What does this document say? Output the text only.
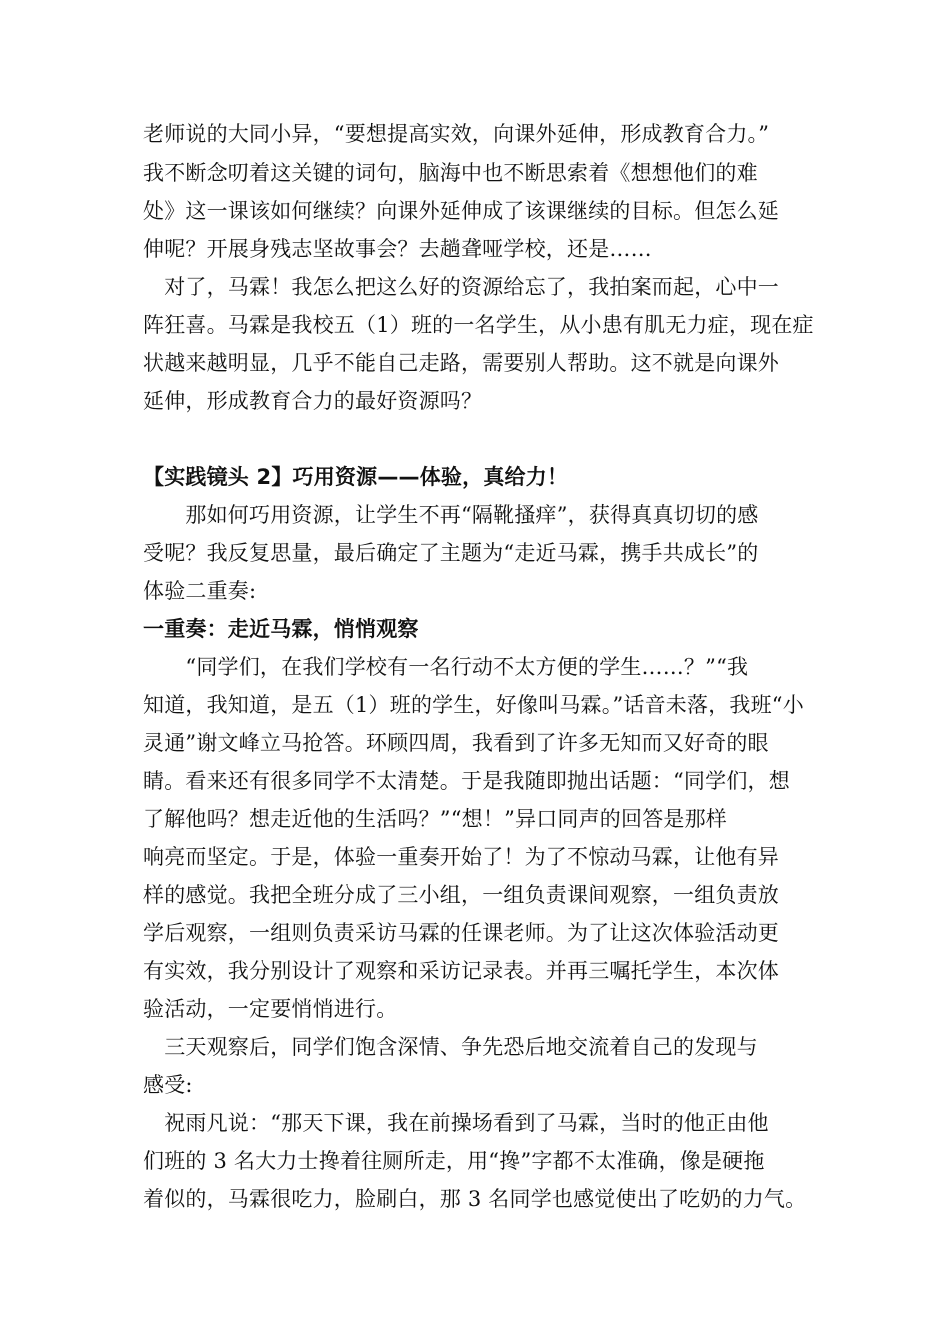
老师说的大同小异，“要想提高实效，向课外延伸，形成教育合力。”
我不断念叨着这关键的词句，脑海中也不断思索着《想想他们的难
处》这一课该如何继续？向课外延伸成了该课继续的目标。但怎么延
伸呢？开展身残志坚故事会？去趟聋哑学校，还是……
　对了，马霖！我怎么把这么好的资源给忘了，我拍案而起，心中一
阵狂喜。马霖是我校五（1）班的一名学生，从小患有肌无力症，现在症
状越来越明显，几乎不能自己走路，需要别人帮助。这不就是向课外
延伸，形成教育合力的最好资源吗？
【实践镜头 2】巧用资源——体验，真给力！
　　那如何巧用资源，让学生不再“隔靴搔痒”，获得真真切切的感
受呢？我反复思量，最后确定了主题为“走近马霖，携手共成长”的
体验二重奏:
一重奏：走近马霖，悄悄观察
　　“同学们，在我们学校有一名行动不太方便的学生……？”“我
知道，我知道，是五（1）班的学生，好像叫马霖。”话音未落，我班“小
灵通”谢文峰立马抢答。环顾四周，我看到了许多无知而又好奇的眼
睛。看来还有很多同学不太清楚。于是我随即抛出话题：“同学们，想
了解他吗？想走近他的生活吗？”“想！”异口同声的回答是那样
响亮而坚定。于是，体验一重奏开始了！为了不惊动马霖，让他有异
样的感觉。我把全班分成了三小组，一组负责课间观察，一组负责放
学后观察，一组则负责采访马霖的任课老师。为了让这次体验活动更
有实效，我分别设计了观察和采访记录表。并再三嘱托学生，本次体
验活动，一定要悄悄进行。
　三天观察后，同学们饱含深情、争先恐后地交流着自己的发现与
感受:
　祝雨凡说：“那天下课，我在前操场看到了马霖，当时的他正由他
们班的 3 名大力士搀着往厕所走，用“搀”字都不太准确，像是硬拖
着似的，马霖很吃力，脸刷白，那 3 名同学也感觉使出了吃奶的力气。
